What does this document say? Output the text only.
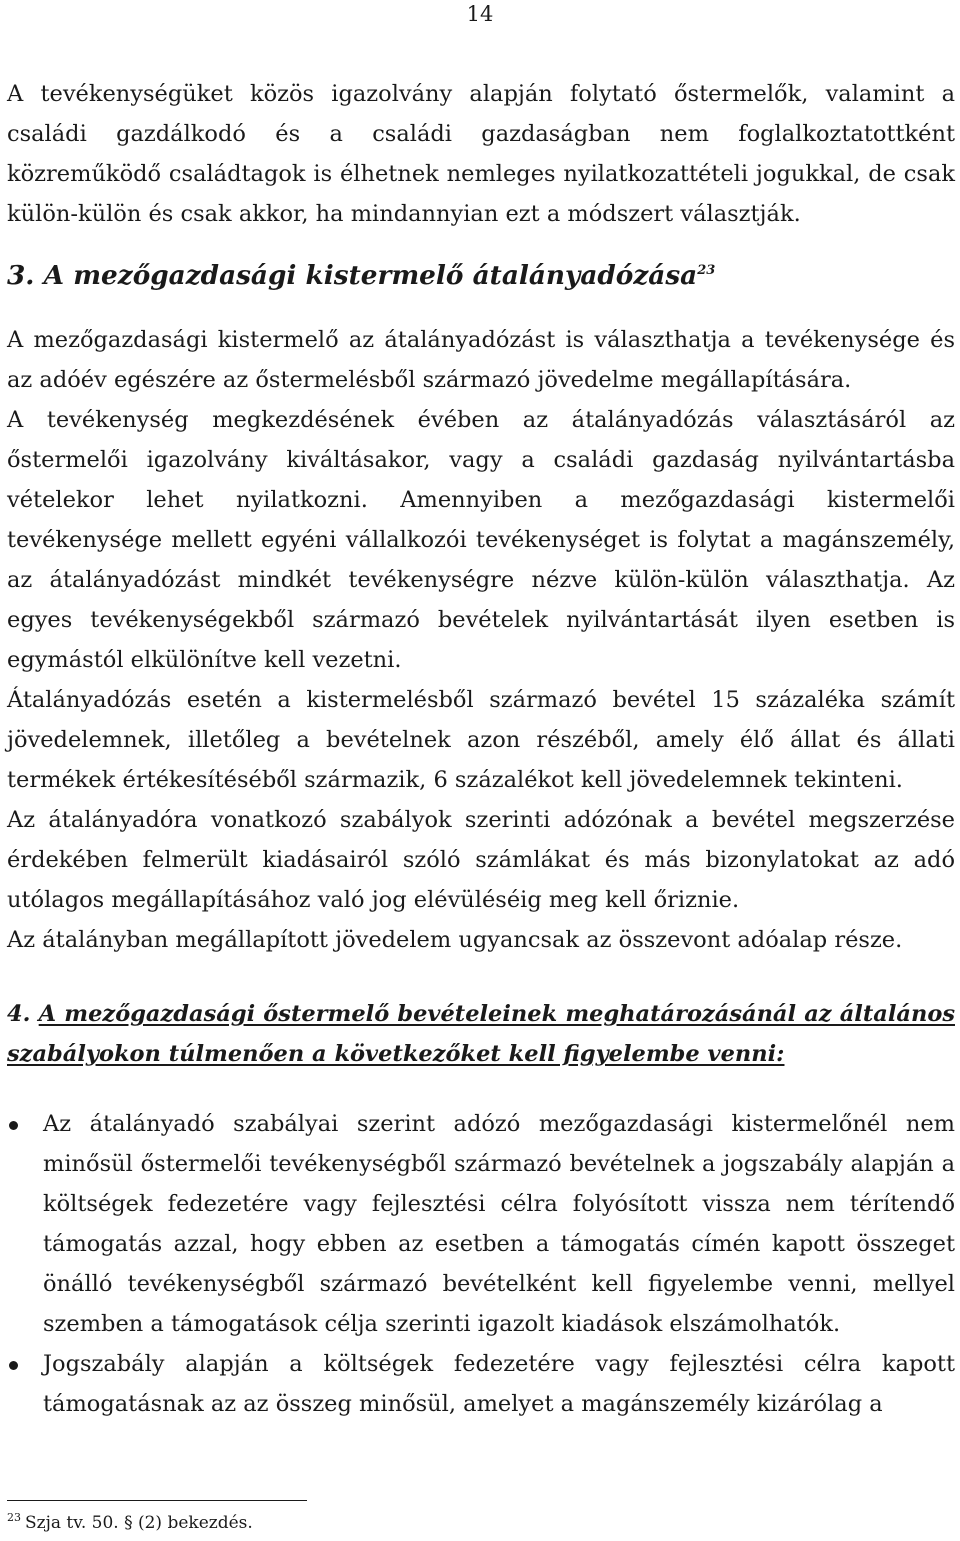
14

A tevékenységüket közös igazolvány alapján folytató őstermelők, valamint a családi gazdálkodó és a családi gazdaságban nem foglalkoztatottként közreműködő családtagok is élhetnek nemleges nyilatkozattételi jogukkal, de csak külön-külön és csak akkor, ha mindannyian ezt a módszert választják.

3. A mezőgazdasági kistermelő átalányadózása$^{23}$

A mezőgazdasági kistermelő az átalányadózást is választhatja a tevékenysége és az adóév egészére az őstermelésből származó jövedelme megállapítására.

A tevékenység megkezdésének évében az átalányadózás választásáról az őstermelői igazolvány kiváltásakor, vagy a családi gazdaság nyilvántartásba vételekor lehet nyilatkozni. Amennyiben a mezőgazdasági kistermelői tevékenysége mellett egyéni vállalkozói tevékenységet is folytat a magánszemély, az átalányadózást mindkét tevékenységre nézve külön-külön választhatja. Az egyes tevékenységekből származó bevételek nyilvántartását ilyen esetben is egymástól elkülönítve kell vezetni.

Átalányadózás esetén a kistermelésből származó bevétel 15 százaléka számít jövedelemnek, illetőleg a bevételnek azon részéből, amely élő állat és állati termékek értékesítéséből származik, 6 százalékot kell jövedelemnek tekinteni.

Az átalányadóra vonatkozó szabályok szerinti adózónak a bevétel megszerzése érdekében felmerült kiadásairól szóló számlákat és más bizonylatokat az adó utólagos megállapításához való jog elévüléséig meg kell őriznie.

Az átalányban megállapított jövedelem ugyancsak az összevont adóalap része.

4. A mezőgazdasági őstermelő bevételeinek meghatározásánál az általános szabályokon túlmenően a következőket kell figyelembe venni:
Az átalányadó szabályai szerint adózó mezőgazdasági kistermelőnél nem minősül őstermelői tevékenységből származó bevételnek a jogszabály alapján a költségek fedezetére vagy fejlesztési célra folyósított vissza nem térítendő támogatás azzal, hogy ebben az esetben a támogatás címén kapott összeget önálló tevékenységből származó bevételként kell figyelembe venni, mellyel szemben a támogatások célja szerinti igazolt kiadások elszámolhatók.
Jogszabály alapján a költségek fedezetére vagy fejlesztési célra kapott támogatásnak az az összeg minősül, amelyet a magánszemély kizárólag a
$^{23}$ Szja tv. 50. § (2) bekezdés.
